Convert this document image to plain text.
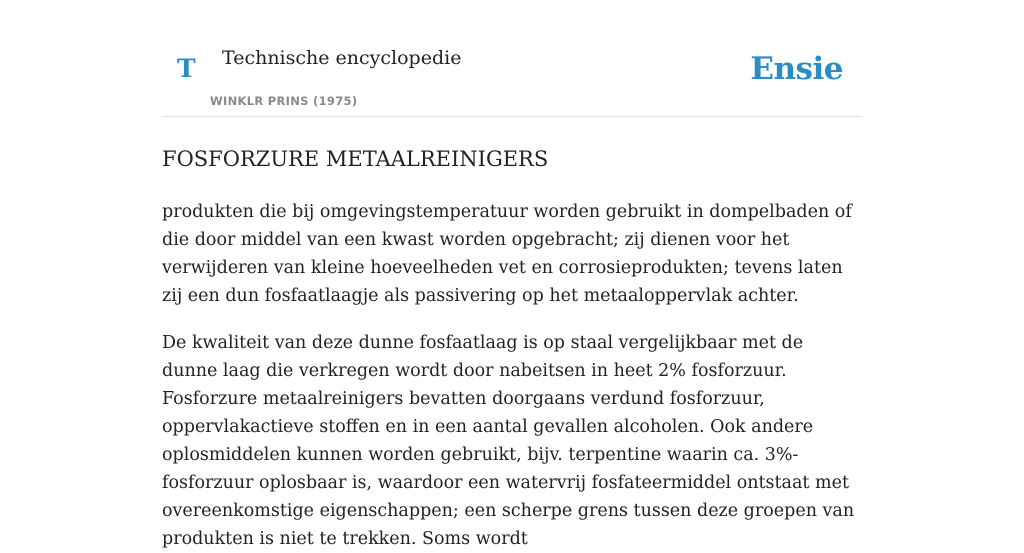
T Technische encyclopedie
WINKLR PRINS (1975)
Ensie
FOSFORZURE METAALREINIGERS

produkten die bij omgevingstemperatuur worden gebruikt in dompelbaden of die door middel van een kwast worden opgebracht; zij dienen voor het verwijderen van kleine hoeveelheden vet en corrosieprodukten; tevens laten zij een dun fosfaatlaagje als passivering op het metaaloppervlak achter.

De kwaliteit van deze dunne fosfaatlaag is op staal vergelijkbaar met de dunne laag die verkregen wordt door nabeitsen in heet 2% fosforzuur. Fosforzure metaalreinigers bevatten doorgaans verdund fosforzuur, oppervlakactieve stoffen en in een aantal gevallen alcoholen. Ook andere oplosmiddelen kunnen worden gebruikt, bijv. terpentine waarin ca. 3%-fosforzuur oplosbaar is, waardoor een watervrij fosfateermiddel ontstaat met overeenkomstige eigenschappen; een scherpe grens tussen deze groepen van produkten is niet te trekken. Soms wordt
